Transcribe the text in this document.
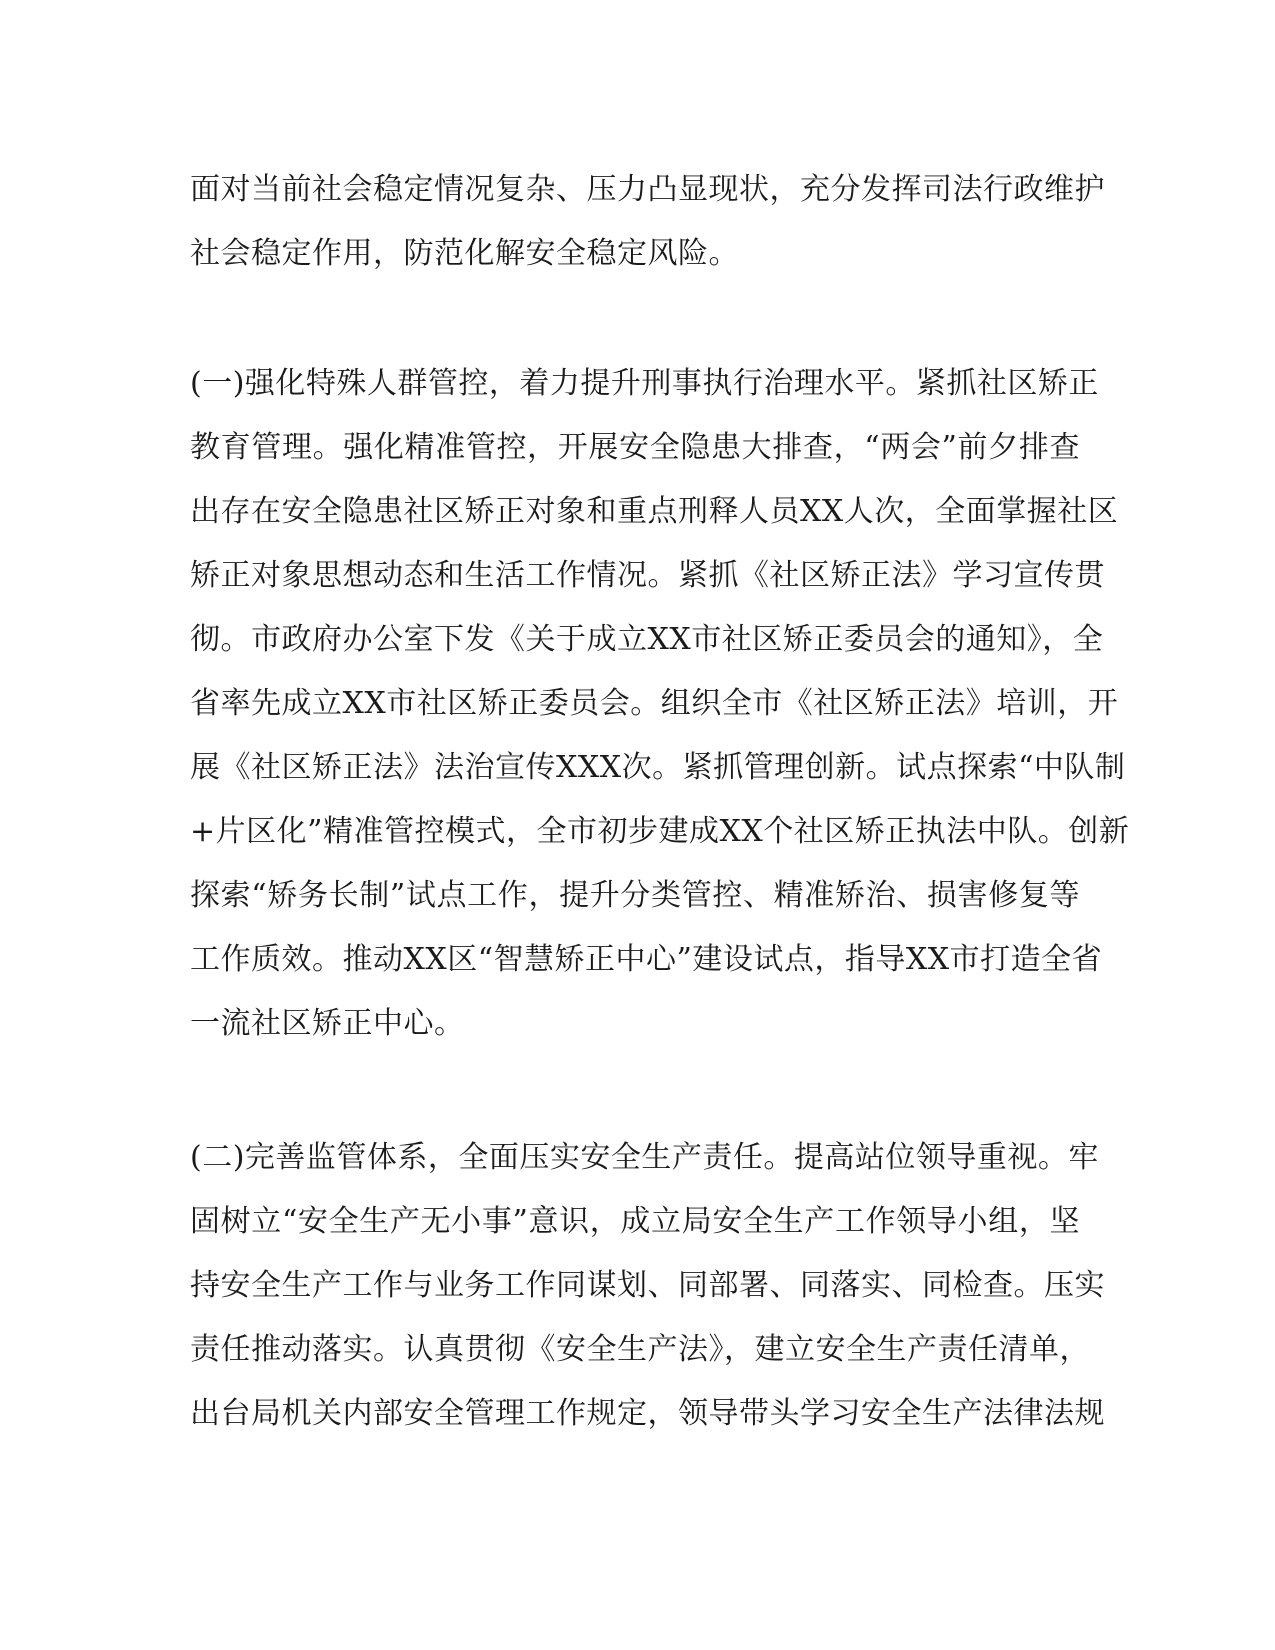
面对当前社会稳定情况复杂、压力凸显现状，充分发挥司法行政维护
社会稳定作用，防范化解安全稳定风险。
(一)强化特殊人群管控，着力提升刑事执行治理水平。紧抓社区矫正
教育管理。强化精准管控，开展安全隐患大排查，“两会”前夕排查
出存在安全隐患社区矫正对象和重点刑释人员XX人次，全面掌握社区
矫正对象思想动态和生活工作情况。紧抓《社区矫正法》学习宣传贯
彻。市政府办公室下发《关于成立XX市社区矫正委员会的通知》，全
省率先成立XX市社区矫正委员会。组织全市《社区矫正法》培训，开
展《社区矫正法》法治宣传XXX次。紧抓管理创新。试点探索“中队制
+片区化”精准管控模式，全市初步建成XX个社区矫正执法中队。创新
探索“矫务长制”试点工作，提升分类管控、精准矫治、损害修复等
工作质效。推动XX区“智慧矫正中心”建设试点，指导XX市打造全省
一流社区矫正中心。
(二)完善监管体系，全面压实安全生产责任。提高站位领导重视。牢
固树立“安全生产无小事”意识，成立局安全生产工作领导小组，坚
持安全生产工作与业务工作同谋划、同部署、同落实、同检查。压实
责任推动落实。认真贯彻《安全生产法》，建立安全生产责任清单，
出台局机关内部安全管理工作规定，领导带头学习安全生产法律法规
